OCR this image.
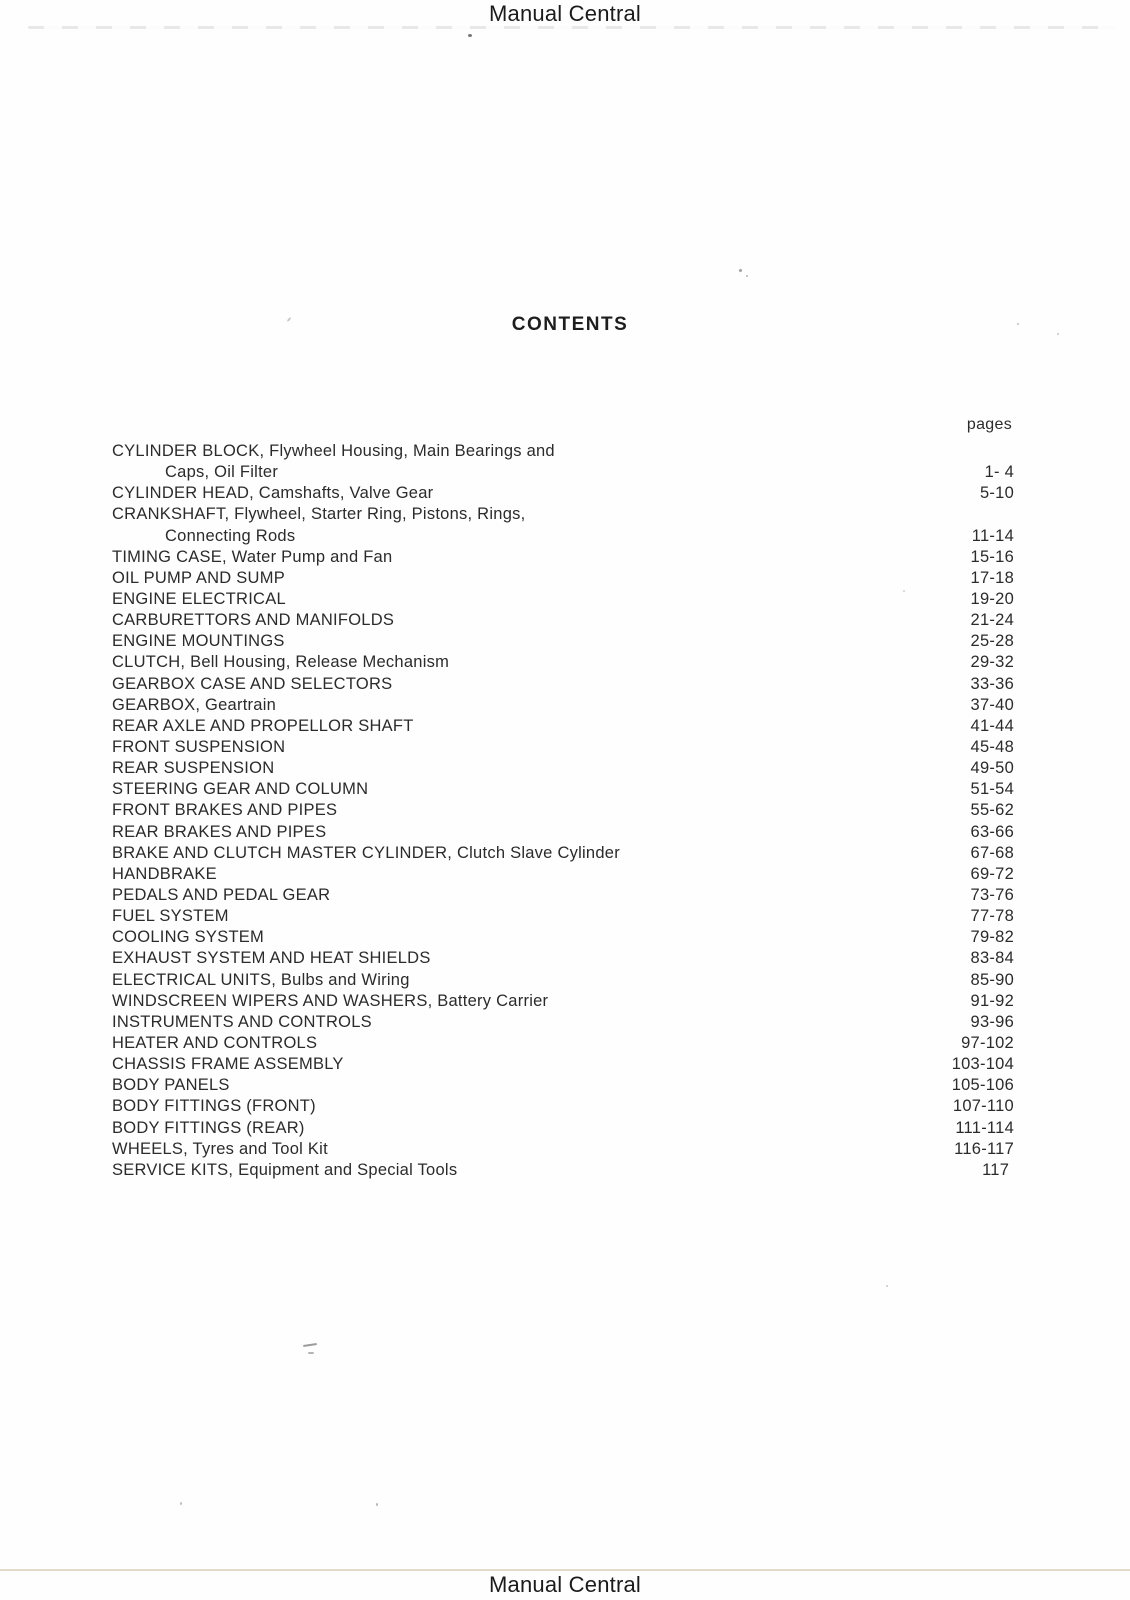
Manual Central
CONTENTS
pages
CYLINDER BLOCK, Flywheel Housing, Main Bearings and
Caps, Oil Filter	1- 4
CYLINDER HEAD, Camshafts, Valve Gear	5-10
CRANKSHAFT, Flywheel, Starter Ring, Pistons, Rings,
Connecting Rods	11-14
TIMING CASE, Water Pump and Fan	15-16
OIL PUMP AND SUMP	17-18
ENGINE ELECTRICAL	19-20
CARBURETTORS AND MANIFOLDS	21-24
ENGINE MOUNTINGS	25-28
CLUTCH, Bell Housing, Release Mechanism	29-32
GEARBOX CASE AND SELECTORS	33-36
GEARBOX, Geartrain	37-40
REAR AXLE AND PROPELLOR SHAFT	41-44
FRONT SUSPENSION	45-48
REAR SUSPENSION	49-50
STEERING GEAR AND COLUMN	51-54
FRONT BRAKES AND PIPES	55-62
REAR BRAKES AND PIPES	63-66
BRAKE AND CLUTCH MASTER CYLINDER, Clutch Slave Cylinder	67-68
HANDBRAKE	69-72
PEDALS AND PEDAL GEAR	73-76
FUEL SYSTEM	77-78
COOLING SYSTEM	79-82
EXHAUST SYSTEM AND HEAT SHIELDS	83-84
ELECTRICAL UNITS, Bulbs and Wiring	85-90
WINDSCREEN WIPERS AND WASHERS, Battery Carrier	91-92
INSTRUMENTS AND CONTROLS	93-96
HEATER AND CONTROLS	97-102
CHASSIS FRAME ASSEMBLY	103-104
BODY PANELS	105-106
BODY FITTINGS (FRONT)	107-110
BODY FITTINGS (REAR)	111-114
WHEELS, Tyres and Tool Kit	116-117
SERVICE KITS, Equipment and Special Tools	117
Manual Central
